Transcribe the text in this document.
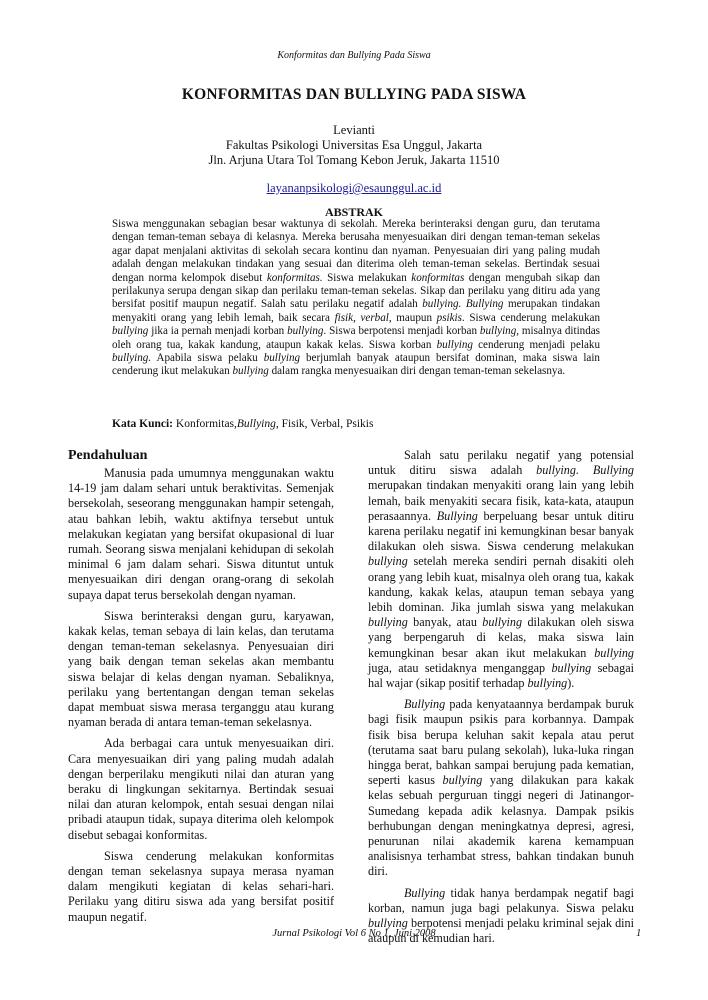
Konformitas dan Bullying Pada Siswa
KONFORMITAS DAN BULLYING PADA SISWA
Levianti
Fakultas Psikologi Universitas Esa Unggul, Jakarta
Jln. Arjuna Utara Tol Tomang Kebon Jeruk, Jakarta 11510
layananpsikologi@esaunggul.ac.id
ABSTRAK
Siswa menggunakan sebagian besar waktunya di sekolah. Mereka berinteraksi dengan guru, dan terutama dengan teman-teman sebaya di kelasnya. Mereka berusaha menyesuaikan diri dengan teman-teman sekelas agar dapat menjalani aktivitas di sekolah secara kontinu dan nyaman. Penyesuaian diri yang paling mudah adalah dengan melakukan tindakan yang sesuai dan diterima oleh teman-teman sekelas. Bertindak sesuai dengan norma kelompok disebut konformitas. Siswa melakukan konformitas dengan mengubah sikap dan perilakunya serupa dengan sikap dan perilaku teman-teman sekelas. Sikap dan perilaku yang ditiru ada yang bersifat positif maupun negatif. Salah satu perilaku negatif adalah bullying. Bullying merupakan tindakan menyakiti orang yang lebih lemah, baik secara fisik, verbal, maupun psikis. Siswa cenderung melakukan bullying jika ia pernah menjadi korban bullying. Siswa berpotensi menjadi korban bullying, misalnya ditindas oleh orang tua, kakak kandung, ataupun kakak kelas. Siswa korban bullying cenderung menjadi pelaku bullying. Apabila siswa pelaku bullying berjumlah banyak ataupun bersifat dominan, maka siswa lain cenderung ikut melakukan bullying dalam rangka menyesuaikan diri dengan teman-teman sekelasnya.
Kata Kunci: Konformitas,Bullying, Fisik, Verbal, Psikis
Pendahuluan

Manusia pada umumnya menggunakan waktu 14-19 jam dalam sehari untuk beraktivitas. Semenjak bersekolah, seseorang menggunakan hampir setengah, atau bahkan lebih, waktu aktifnya tersebut untuk melakukan kegiatan yang bersifat okupasional di luar rumah. Seorang siswa menjalani kehidupan di sekolah minimal 6 jam dalam sehari. Siswa dituntut untuk menyesuaikan diri dengan orang-orang di sekolah supaya dapat terus bersekolah dengan nyaman.

Siswa berinteraksi dengan guru, karyawan, kakak kelas, teman sebaya di lain kelas, dan terutama dengan teman-teman sekelasnya. Penyesuaian diri yang baik dengan teman sekelas akan membantu siswa belajar di kelas dengan nyaman. Sebaliknya, perilaku yang bertentangan dengan teman sekelas dapat membuat siswa merasa terganggu atau kurang nyaman berada di antara teman-teman sekelasnya.

Ada berbagai cara untuk menyesuaikan diri. Cara menyesuaikan diri yang paling mudah adalah dengan berperilaku mengikuti nilai dan aturan yang beraku di lingkungan sekitarnya. Bertindak sesuai nilai dan aturan kelompok, entah sesuai dengan nilai pribadi ataupun tidak, supaya diterima oleh kelompok disebut sebagai konformitas.

Siswa cenderung melakukan konformitas dengan teman sekelasnya supaya merasa nyaman dalam mengikuti kegiatan di kelas sehari-hari. Perilaku yang ditiru siswa ada yang bersifat positif maupun negatif.

Salah satu perilaku negatif yang potensial untuk ditiru siswa adalah bullying. Bullying merupakan tindakan menyakiti orang lain yang lebih lemah, baik menyakiti secara fisik, kata-kata, ataupun perasaannya. Bullying berpeluang besar untuk ditiru karena perilaku negatif ini kemungkinan besar banyak dilakukan oleh siswa. Siswa cenderung melakukan bullying setelah mereka sendiri pernah disakiti oleh orang yang lebih kuat, misalnya oleh orang tua, kakak kandung, kakak kelas, ataupun teman sebaya yang lebih dominan. Jika jumlah siswa yang melakukan bullying banyak, atau bullying dilakukan oleh siswa yang berpengaruh di kelas, maka siswa lain kemungkinan besar akan ikut melakukan bullying juga, atau setidaknya menganggap bullying sebagai hal wajar (sikap positif terhadap bullying).

Bullying pada kenyataannya berdampak buruk bagi fisik maupun psikis para korbannya. Dampak fisik bisa berupa keluhan sakit kepala atau perut (terutama saat baru pulang sekolah), luka-luka ringan hingga berat, bahkan sampai berujung pada kematian, seperti kasus bullying yang dilakukan para kakak kelas sebuah perguruan tinggi negeri di Jatinangor-Sumedang kepada adik kelasnya. Dampak psikis berhubungan dengan meningkatnya depresi, agresi, penurunan nilai akademik karena kemampuan analisisnya terhambat stress, bahkan tindakan bunuh diri.

Bullying tidak hanya berdampak negatif bagi korban, namun juga bagi pelakunya. Siswa pelaku bullying berpotensi menjadi pelaku kriminal sejak dini ataupun di kemudian hari.

Jurnal Psikologi Vol 6 No 1, Juni 2008	1
